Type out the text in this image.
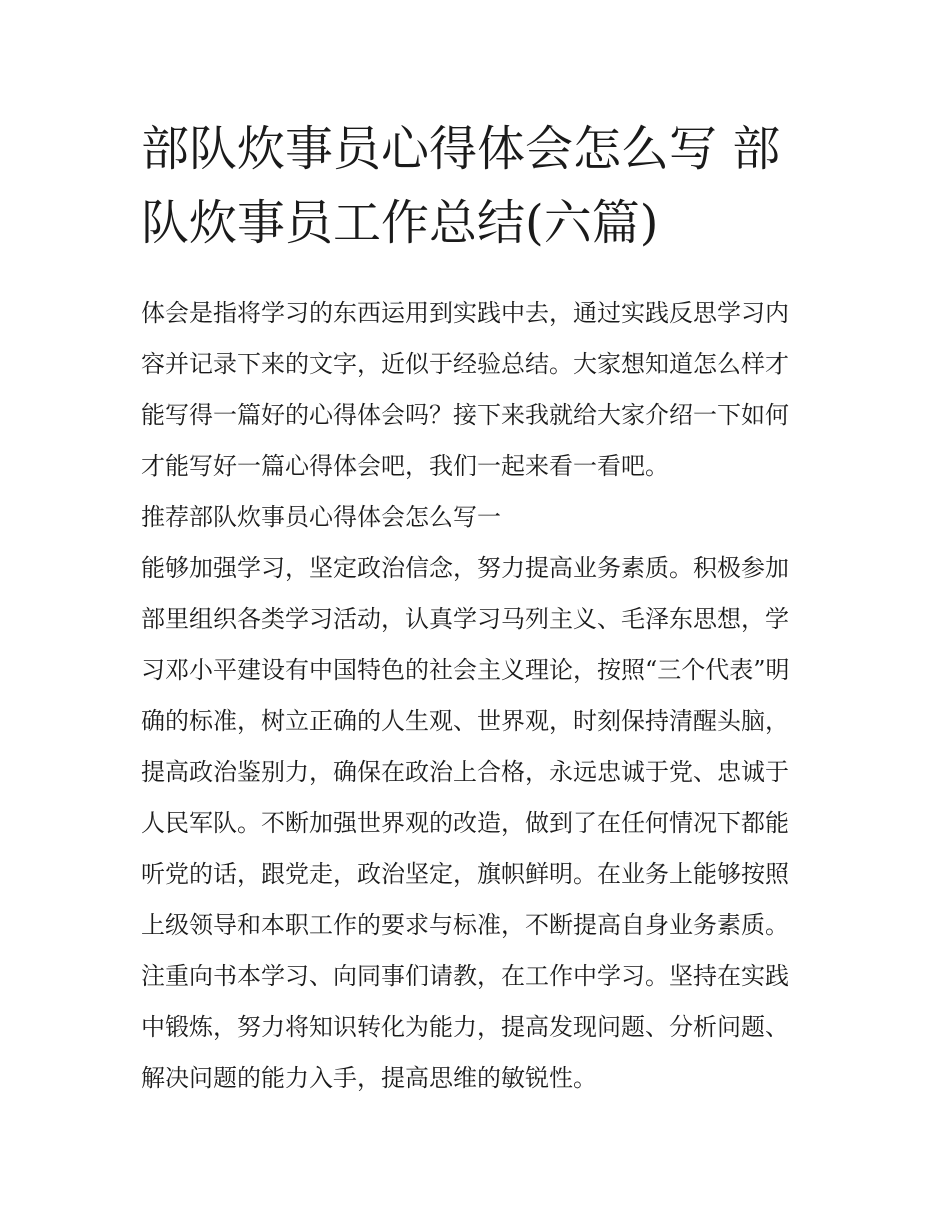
部队炊事员心得体会怎么写 部
队炊事员工作总结(六篇)
体会是指将学习的东西运用到实践中去，通过实践反思学习内
容并记录下来的文字，近似于经验总结。大家想知道怎么样才
能写得一篇好的心得体会吗？接下来我就给大家介绍一下如何
才能写好一篇心得体会吧，我们一起来看一看吧。
推荐部队炊事员心得体会怎么写一
能够加强学习，坚定政治信念，努力提高业务素质。积极参加
部里组织各类学习活动，认真学习马列主义、毛泽东思想，学
习邓小平建设有中国特色的社会主义理论，按照“三个代表”明
确的标准，树立正确的人生观、世界观，时刻保持清醒头脑，
提高政治鉴别力，确保在政治上合格，永远忠诚于党、忠诚于
人民军队。不断加强世界观的改造，做到了在任何情况下都能
听党的话，跟党走，政治坚定，旗帜鲜明。在业务上能够按照
上级领导和本职工作的要求与标准，不断提高自身业务素质。
注重向书本学习、向同事们请教，在工作中学习。坚持在实践
中锻炼，努力将知识转化为能力，提高发现问题、分析问题、
解决问题的能力入手，提高思维的敏锐性。
